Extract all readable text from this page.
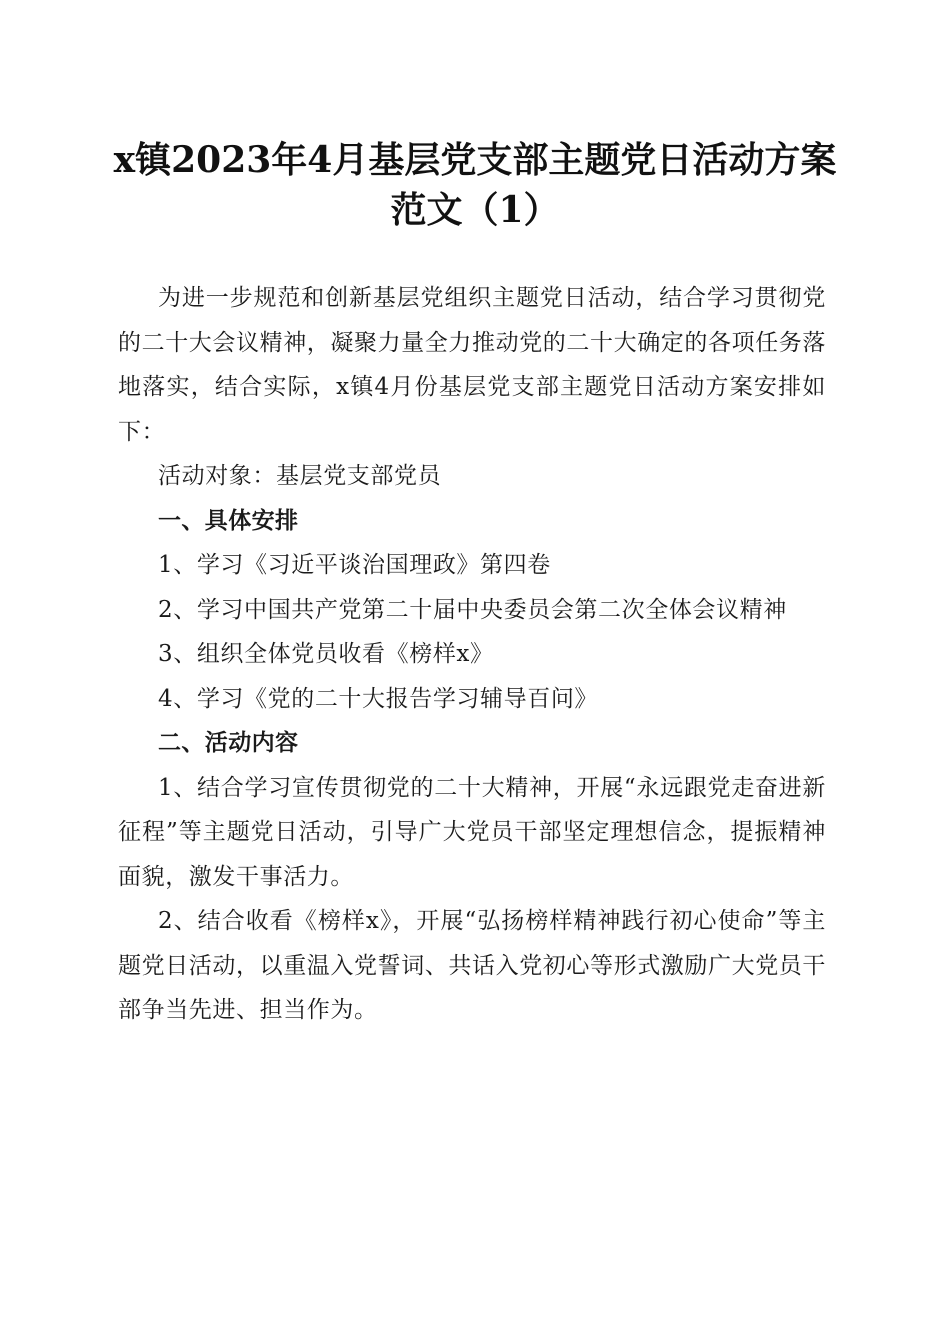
x镇2023年4月基层党支部主题党日活动方案
范文（1）

为进一步规范和创新基层党组织主题党日活动，结合学习贯彻党的二十大会议精神，凝聚力量全力推动党的二十大确定的各项任务落地落实，结合实际，x镇4月份基层党支部主题党日活动方案安排如下：

活动对象：基层党支部党员

一、具体安排

1、学习《习近平谈治国理政》第四卷

2、学习中国共产党第二十届中央委员会第二次全体会议精神

3、组织全体党员收看《榜样x》

4、学习《党的二十大报告学习辅导百问》

二、活动内容

1、结合学习宣传贯彻党的二十大精神，开展“永远跟党走奋进新征程”等主题党日活动，引导广大党员干部坚定理想信念，提振精神面貌，激发干事活力。

2、结合收看《榜样x》，开展“弘扬榜样精神践行初心使命”等主题党日活动，以重温入党誓词、共话入党初心等形式激励广大党员干部争当先进、担当作为。
